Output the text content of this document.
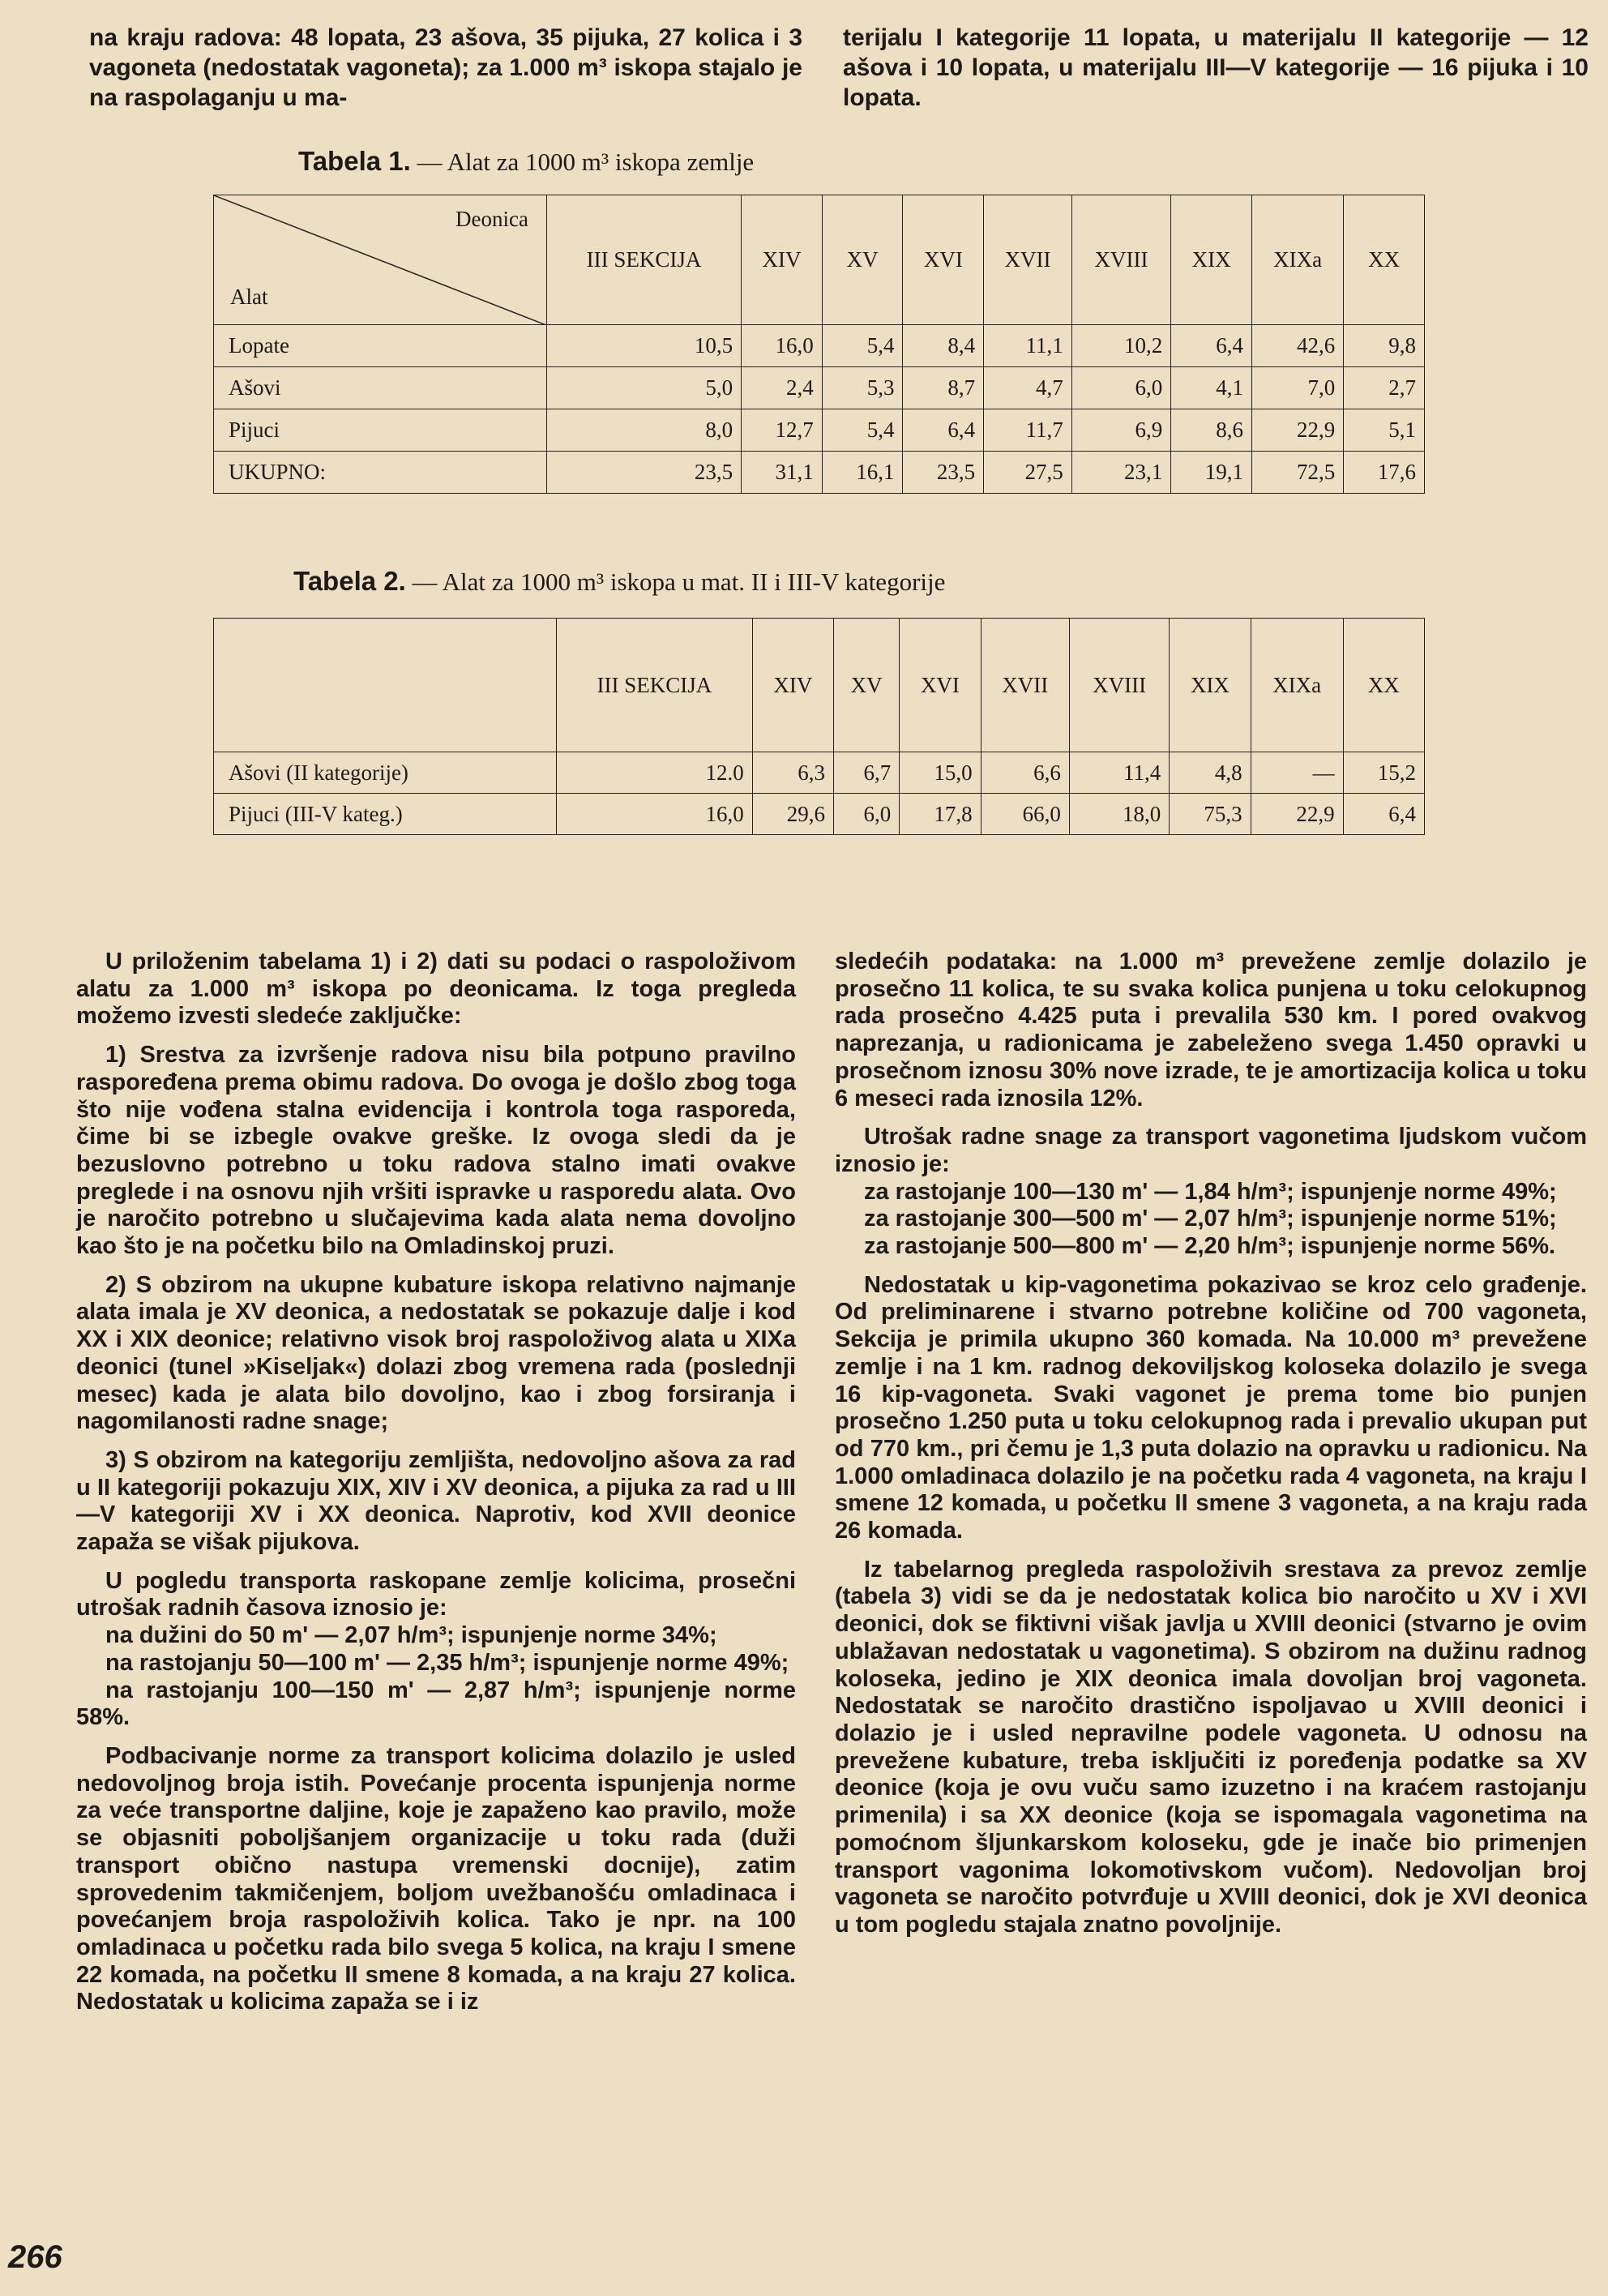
na kraju radova: 48 lopata, 23 ašova, 35 pijuka, 27 kolica i 3 vagoneta (nedostatak vagoneta); za 1.000 m³ iskopa stajalo je na raspolaganju u ma-
terijalu I kategorije 11 lopata, u materijalu II kategorije — 12 ašova i 10 lopata, u materijalu III—V kategorije — 16 pijuka i 10 lopata.
Tabela 1. — Alat za 1000 m³ iskopa zemlje
Deonica
Alat	III SEKCIJA	XIV	XV	XVI	XVII	XVIII	XIX	XIXa	XX
Lopate	10,5	16,0	5,4	8,4	11,1	10,2	6,4	42,6	9,8
Ašovi	5,0	2,4	5,3	8,7	4,7	6,0	4,1	7,0	2,7
Pijuci	8,0	12,7	5,4	6,4	11,7	6,9	8,6	22,9	5,1
UKUPNO:	23,5	31,1	16,1	23,5	27,5	23,1	19,1	72,5	17,6
Tabela 2. — Alat za 1000 m³ iskopa u mat. II i III-V kategorije
	III SEKCIJA	XIV	XV	XVI	XVII	XVIII	XIX	XIXa	XX
Ašovi (II kategorije)	12.0	6,3	6,7	15,0	6,6	11,4	4,8	—	15,2
Pijuci (III-V kateg.)	16,0	29,6	6,0	17,8	66,0	18,0	75,3	22,9	6,4

U priloženim tabelama 1) i 2) dati su podaci o raspoloživom alatu za 1.000 m³ iskopa po deonicama. Iz toga pregleda možemo izvesti sledeće zaključke:

1) Srestva za izvršenje radova nisu bila potpuno pravilno raspoređena prema obimu radova. Do ovoga je došlo zbog toga što nije vođena stalna evidencija i kontrola toga rasporeda, čime bi se izbegle ovakve greške. Iz ovoga sledi da je bezuslovno potrebno u toku radova stalno imati ovakve preglede i na osnovu njih vršiti ispravke u rasporedu alata. Ovo je naročito potrebno u slučajevima kada alata nema dovoljno kao što je na početku bilo na Omladinskoj pruzi.

2) S obzirom na ukupne kubature iskopa relativno najmanje alata imala je XV deonica, a nedostatak se pokazuje dalje i kod XX i XIX deonice; relativno visok broj raspoloživog alata u XIXa deonici (tunel »Kiseljak«) dolazi zbog vremena rada (poslednji mesec) kada je alata bilo dovoljno, kao i zbog forsiranja i nagomilanosti radne snage;

3) S obzirom na kategoriju zemljišta, nedovoljno ašova za rad u II kategoriji pokazuju XIX, XIV i XV deonica, a pijuka za rad u III—V kategoriji XV i XX deonica. Naprotiv, kod XVII deonice zapaža se višak pijukova.

U pogledu transporta raskopane zemlje kolicima, prosečni utrošak radnih časova iznosio je:

na dužini do 50 m' — 2,07 h/m³; ispunjenje norme 34%;

na rastojanju 50—100 m' — 2,35 h/m³; ispunjenje norme 49%;

na rastojanju 100—150 m' — 2,87 h/m³; ispunjenje norme 58%.

Podbacivanje norme za transport kolicima dolazilo je usled nedovoljnog broja istih. Povećanje procenta ispunjenja norme za veće transportne daljine, koje je zapaženo kao pravilo, može se objasniti poboljšanjem organizacije u toku rada (duži transport obično nastupa vremenski docnije), zatim sprovedenim takmičenjem, boljom uvežbanošću omladinaca i povećanjem broja raspoloživih kolica. Tako je npr. na 100 omladinaca u početku rada bilo svega 5 kolica, na kraju I smene 22 komada, na početku II smene 8 komada, a na kraju 27 kolica. Nedostatak u kolicima zapaža se i iz

sledećih podataka: na 1.000 m³ prevežene zemlje dolazilo je prosečno 11 kolica, te su svaka kolica punjena u toku celokupnog rada prosečno 4.425 puta i prevalila 530 km. I pored ovakvog naprezanja, u radionicama je zabeleženo svega 1.450 opravki u prosečnom iznosu 30% nove izrade, te je amortizacija kolica u toku 6 meseci rada iznosila 12%.

Utrošak radne snage za transport vagonetima ljudskom vučom iznosio je:

za rastojanje 100—130 m' — 1,84 h/m³; ispunjenje norme 49%;

za rastojanje 300—500 m' — 2,07 h/m³; ispunjenje norme 51%;

za rastojanje 500—800 m' — 2,20 h/m³; ispunjenje norme 56%.

Nedostatak u kip-vagonetima pokazivao se kroz celo građenje. Od preliminarene i stvarno potrebne količine od 700 vagoneta, Sekcija je primila ukupno 360 komada. Na 10.000 m³ prevežene zemlje i na 1 km. radnog dekovilјskog koloseka dolazilo je svega 16 kip-vagoneta. Svaki vagonet je prema tome bio punjen prosečno 1.250 puta u toku celokupnog rada i prevalio ukupan put od 770 km., pri čemu je 1,3 puta dolazio na opravku u radionicu. Na 1.000 omladinaca dolazilo je na početku rada 4 vagoneta, na kraju I smene 12 komada, u početku II smene 3 vagoneta, a na kraju rada 26 komada.

Iz tabelarnog pregleda raspoloživih srestava za prevoz zemlje (tabela 3) vidi se da je nedostatak kolica bio naročito u XV i XVI deonici, dok se fiktivni višak javlja u XVIII deonici (stvarno je ovim ublažavan nedostatak u vagonetima). S obzirom na dužinu radnog koloseka, jedino je XIX deonica imala dovoljan broj vagoneta. Nedostatak se naročito drastično ispoljavao u XVIII deonici i dolazio je i usled nepravilne podele vagoneta. U odnosu na prevežene kubature, treba isključiti iz poređenja podatke sa XV deonice (koja je ovu vuču samo izuzetno i na kraćem rastojanju primenila) i sa XX deonice (koja se ispomagala vagonetima na pomoćnom šljunkarskom koloseku, gde je inače bio primenjen transport vagonima lokomotivskom vučom). Nedovoljan broj vagoneta se naročito potvrđuje u XVIII deonici, dok je XVI deonica u tom pogledu stajala znatno povoljnije.

266
